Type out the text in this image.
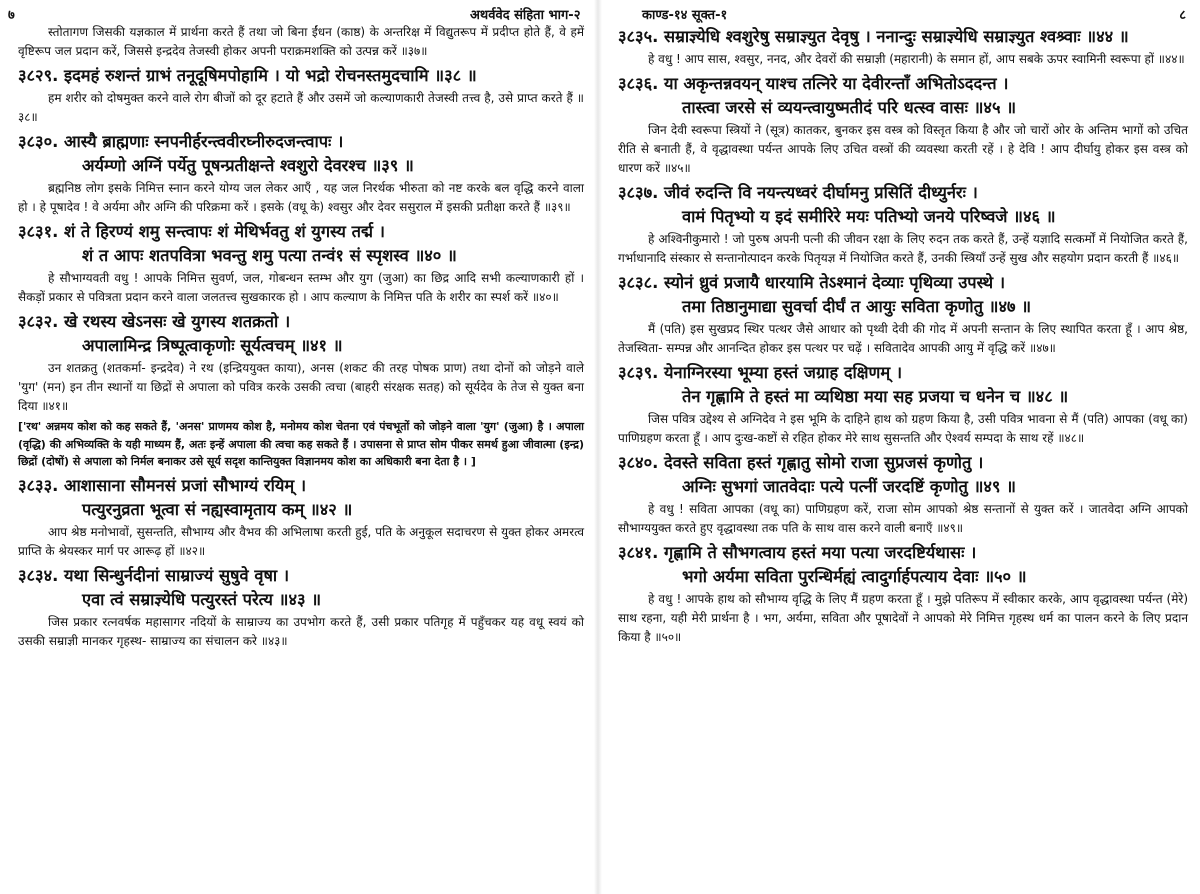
७	अथर्ववेद संहिता भाग-२

स्तोतागण जिसकी यज्ञकाल में प्रार्थना करते हैं तथा जो बिना ईंधन (काष्ठ) के अन्तरिक्ष में विद्युतरूप में प्रदीप्त होते हैं, वे हमें वृष्टिरूप जल प्रदान करें, जिससे इन्द्रदेव तेजस्वी होकर अपनी पराक्रमशक्ति को उत्पन्न करें ॥३७॥

३८२९. इदमहं रुशन्तं ग्राभं तनूदूषिमपोहामि । यो भद्रो रोचनस्तमुदचामि ॥३८ ॥

हम शरीर को दोषमुक्त करने वाले रोग बीजों को दूर हटाते हैं और उसमें जो कल्याणकारी तेजस्वी तत्त्व है, उसे प्राप्त करते हैं ॥३८॥

३८३०. आस्यै ब्राह्मणाः स्नपनीर्हरन्त्ववीरघ्नीरुदजन्त्वापः ।
अर्यम्णो अग्निं पर्येतु पूषन्प्रतीक्षन्ते श्वशुरो देवरश्च ॥३९ ॥

ब्रह्मनिष्ठ लोग इसके निमित्त स्नान करने योग्य जल लेकर आएँ , यह जल निरर्थक भीरुता को नष्ट करके बल वृद्धि करने वाला हो । हे पूषादेव ! वे अर्यमा और अग्नि की परिक्रमा करें । इसके (वधू के) श्वसुर और देवर ससुराल में इसकी प्रतीक्षा करते हैं ॥३९॥

३८३१. शं ते हिरण्यं शमु सन्त्वापः शं मेथिर्भवतु शं युगस्य तर्द्म ।
शं त आपः शतपवित्रा भवन्तु शमु पत्या तन्वं१ सं स्पृशस्व ॥४० ॥

हे सौभाग्यवती वधु ! आपके निमित्त सुवर्ण, जल, गोबन्धन स्तम्भ और युग (जुआ) का छिद्र आदि सभी कल्याणकारी हों । सैकड़ों प्रकार से पवित्रता प्रदान करने वाला जलतत्त्व सुखकारक हो । आप कल्याण के निमित्त पति के शरीर का स्पर्श करें ॥४०॥

३८३२. खे रथस्य खेऽनसः खे युगस्य शतक्रतो ।
अपालामिन्द्र त्रिष्पूत्वाकृणोः सूर्यत्वचम् ॥४१ ॥

उन शतक्रतु (शतकर्मा- इन्द्रदेव) ने रथ (इन्द्रिययुक्त काया), अनस (शकट की तरह पोषक प्राण) तथा दोनों को जोड़ने वाले 'युग' (मन) इन तीन स्थानों या छिद्रों से अपाला को पवित्र करके उसकी त्वचा (बाहरी संरक्षक सतह) को सूर्यदेव के तेज से युक्त बना दिया ॥४१॥

['रथ' अन्नमय कोश को कह सकते हैं, 'अनस' प्राणमय कोश है, मनोमय कोश चेतना एवं पंचभूतों को जोड़ने वाला 'युग' (जुआ) है । अपाला (वृद्धि) की अभिव्यक्ति के यही माध्यम हैं, अतः इन्हें अपाला की त्वचा कह सकते हैं । उपासना से प्राप्त सोम पीकर समर्थ हुआ जीवात्मा (इन्द्र) छिद्रों (दोषों) से अपाला को निर्मल बनाकर उसे सूर्य सदृश कान्तियुक्त विज्ञानमय कोश का अधिकारी बना देता है । ]

३८३३. आशासाना सौमनसं प्रजां सौभाग्यं रयिम् ।
पत्युरनुव्रता भूत्वा सं नह्यस्वामृताय कम् ॥४२ ॥

आप श्रेष्ठ मनोभावों, सुसन्तति, सौभाग्य और वैभव की अभिलाषा करती हुई, पति के अनुकूल सदाचरण से युक्त होकर अमरत्व प्राप्ति के श्रेयस्कर मार्ग पर आरूढ़ हों ॥४२॥

३८३४. यथा सिन्धुर्नदीनां साम्राज्यं सुषुवे वृषा ।
एवा त्वं सम्राज्ञ्येधि पत्युरस्तं परेत्य ॥४३ ॥

जिस प्रकार रत्नवर्षक महासागर नदियों के साम्राज्य का उपभोग करते हैं, उसी प्रकार पतिगृह में पहुँचकर यह वधू स्वयं को उसकी सम्राज्ञी मानकर गृहस्थ- साम्राज्य का संचालन करे ॥४३॥

काण्ड-१४ सूक्त-१	८
३८३५. सम्राज्ञ्येधि श्वशुरेषु सम्राज्ञ्युत देवृषु । ननान्दुः सम्राज्ञ्येधि सम्राज्ञ्युत श्वश्र्वाः ॥४४ ॥

हे वधु ! आप सास, श्वसुर, ननद, और देवरों की सम्राज्ञी (महारानी) के समान हों, आप सबके ऊपर स्वामिनी स्वरूपा हों ॥४४॥

३८३६. या अकृन्तन्नवयन् याश्च तत्निरे या देवीरन्ताँ अभितोऽददन्त ।
तास्त्वा जरसे सं व्ययन्त्वायुष्मतीदं परि धत्स्व वासः ॥४५ ॥

जिन देवी स्वरूपा स्त्रियों ने (सूत्र) कातकर, बुनकर इस वस्त्र को विस्तृत किया है और जो चारों ओर के अन्तिम भागों को उचित रीति से बनाती हैं, वे वृद्धावस्था पर्यन्त आपके लिए उचित वस्त्रों की व्यवस्था करती रहें । हे देवि ! आप दीर्घायु होकर इस वस्त्र को धारण करें ॥४५॥

३८३७. जीवं रुदन्ति वि नयन्त्यध्वरं दीर्घामनु प्रसितिं दीध्युर्नरः ।
वामं पितृभ्यो य इदं समीरिरे मयः पतिभ्यो जनये परिष्वजे ॥४६ ॥

हे अश्विनीकुमारो ! जो पुरुष अपनी पत्नी की जीवन रक्षा के लिए रुदन तक करते हैं, उन्हें यज्ञादि सत्कर्मों में नियोजित करते हैं, गर्भाधानादि संस्कार से सन्तानोत्पादन करके पितृयज्ञ में नियोजित करते हैं, उनकी स्त्रियाँ उन्हें सुख और सहयोग प्रदान करती हैं ॥४६॥

३८३८. स्योनं ध्रुवं प्रजायै धारयामि तेऽश्मानं देव्याः पृथिव्या उपस्थे ।
तमा तिष्ठानुमाद्या सुवर्चा दीर्घं त आयुः सविता कृणोतु ॥४७ ॥

मैं (पति) इस सुखप्रद स्थिर पत्थर जैसे आधार को पृथ्वी देवी की गोद में अपनी सन्तान के लिए स्थापित करता हूँ । आप श्रेष्ठ, तेजस्विता- सम्पन्न और आनन्दित होकर इस पत्थर पर चढ़ें । सवितादेव आपकी आयु में वृद्धि करें ॥४७॥

३८३९. येनाग्निरस्या भूम्या हस्तं जग्राह दक्षिणम् ।
तेन गृह्णामि ते हस्तं मा व्यथिष्ठा मया सह प्रजया च धनेन च ॥४८ ॥

जिस पवित्र उद्देश्य से अग्निदेव ने इस भूमि के दाहिने हाथ को ग्रहण किया है, उसी पवित्र भावना से मैं (पति) आपका (वधू का) पाणिग्रहण करता हूँ । आप दुःख-कष्टों से रहित होकर मेरे साथ सुसन्तति और ऐश्वर्य सम्पदा के साथ रहें ॥४८॥

३८४०. देवस्ते सविता हस्तं गृह्णातु सोमो राजा सुप्रजसं कृणोतु ।
अग्निः सुभगां जातवेदाः पत्ये पत्नीं जरदष्टिं कृणोतु ॥४९ ॥

हे वधु ! सविता आपका (वधू का) पाणिग्रहण करें, राजा सोम आपको श्रेष्ठ सन्तानों से युक्त करें । जातवेदा अग्नि आपको सौभाग्ययुक्त करते हुए वृद्धावस्था तक पति के साथ वास करने वाली बनाएँ ॥४९॥

३८४१. गृह्णामि ते सौभगत्वाय हस्तं मया पत्या जरदष्टिर्यथासः ।
भगो अर्यमा सविता पुरन्धिर्मह्यं त्वादुर्गार्हपत्याय देवाः ॥५० ॥

हे वधु ! आपके हाथ को सौभाग्य वृद्धि के लिए मैं ग्रहण करता हूँ । मुझे पतिरूप में स्वीकार करके, आप वृद्धावस्था पर्यन्त (मेरे) साथ रहना, यही मेरी प्रार्थना है । भग, अर्यमा, सविता और पूषादेवों ने आपको मेरे निमित्त गृहस्थ धर्म का पालन करने के लिए प्रदान किया है ॥५०॥
